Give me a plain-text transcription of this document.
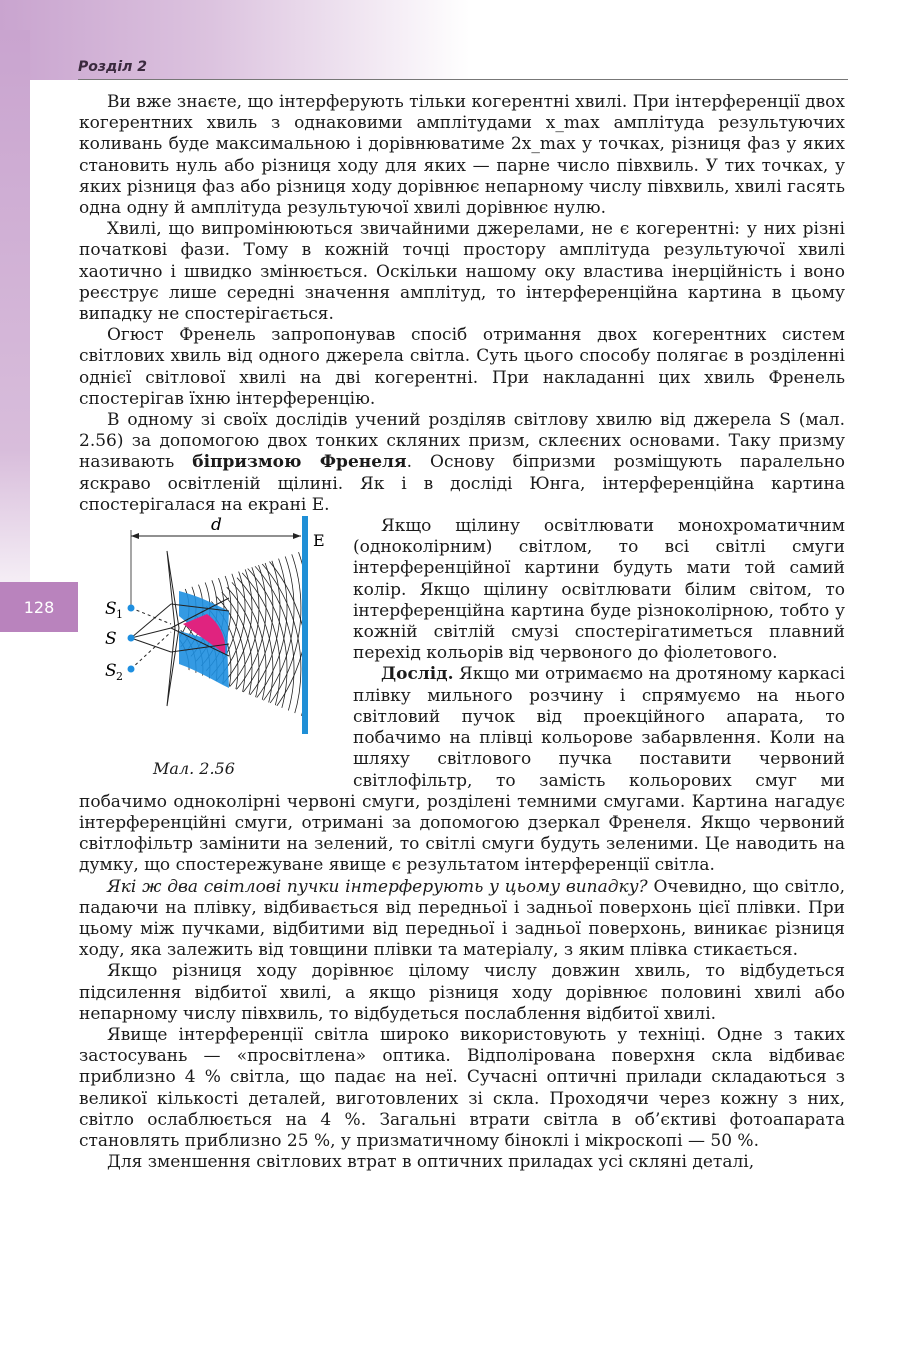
Розділ 2
128

Ви вже знаєте, що інтерферують тільки когерентні хвилі. При інтерференції двох когерентних хвиль з однаковими амплітудами x_max амплітуда результуючих коливань буде максимальною і дорівнюватиме 2x_max у точках, різниця фаз у яких становить нуль або різниця ходу для яких — парне число півхвиль. У тих точках, у яких різниця фаз або різниця ходу дорівнює непарному числу півхвиль, хвилі гасять одна одну й амплітуда результуючої хвилі дорівнює нулю.

Хвилі, що випромінюються звичайними джерелами, не є когерентні: у них різні початкові фази. Тому в кожній точці простору амплітуда результуючої хвилі хаотично і швидко змінюється. Оскільки нашому оку властива інерційність і воно реєструє лише середні значення амплітуд, то інтерференційна картина в цьому випадку не спостерігається.

Огюст Френель запропонував спосіб отримання двох когерентних систем світлових хвиль від одного джерела світла. Суть цього способу полягає в розділенні однієї світлової хвилі на дві когерентні. При накладанні цих хвиль Френель спостерігав їхню інтерференцію.

В одному зі своїх дослідів учений розділяв світлову хвилю від джерела S (мал. 2.56) за допомогою двох тонких скляних призм, склеєних основами. Таку призму називають біпризмою Френеля. Основу біпризми розміщують паралельно яскраво освітленій щілині. Як і в досліді Юнга, інтерференційна картина спостерігалася на екрані Е.

d
E
S 1
S
S 2
Мал. 2.56

Якщо щілину освітлювати монохроматичним (одноколірним) світлом, то всі світлі смуги інтерференційної картини будуть мати той самий колір. Якщо щілину освітлювати білим світом, то інтерференційна картина буде різноколірною, тобто у кожній світлій смузі спостерігатиметься плавний перехід кольорів від червоного до фіолетового.

Дослід. Якщо ми отримаємо на дротяному каркасі плівку мильного розчину і спрямуємо на нього світловий пучок від проекційного апарата, то побачимо на плівці кольорове забарвлення. Коли на шляху світлового пучка поставити червоний світлофільтр, то замість кольорових смуг ми побачимо одноколірні червоні смуги, розділені темними смугами. Картина нагадує інтерференційні смуги, отримані за допомогою дзеркал Френеля. Якщо червоний світлофільтр замінити на зелений, то світлі смуги будуть зеленими. Це наводить на думку, що спостережуване явище є результатом інтерференції світла.

Які ж два світлові пучки інтерферують у цьому випадку? Очевидно, що світло, падаючи на плівку, відбивається від передньої і задньої поверхонь цієї плівки. При цьому між пучками, відбитими від передньої і задньої поверхонь, виникає різниця ходу, яка залежить від товщини плівки та матеріалу, з яким плівка стикається.

Якщо різниця ходу дорівнює цілому числу довжин хвиль, то відбудеться підсилення відбитої хвилі, а якщо різниця ходу дорівнює половині хвилі або непарному числу півхвиль, то відбудеться послаблення відбитої хвилі.

Явище інтерференції світла широко використовують у техніці. Одне з таких застосувань — «просвітлена» оптика. Відполірована поверхня скла відбиває приблизно 4 % світла, що падає на неї. Сучасні оптичні прилади складаються з великої кількості деталей, виготовлених зі скла. Проходячи через кожну з них, світло ослаблюється на 4 %. Загальні втрати світла в об’єктиві фотоапарата становлять приблизно 25 %, у призматичному біноклі і мікроскопі — 50 %.

Для зменшення світлових втрат в оптичних приладах усі скляні деталі,
